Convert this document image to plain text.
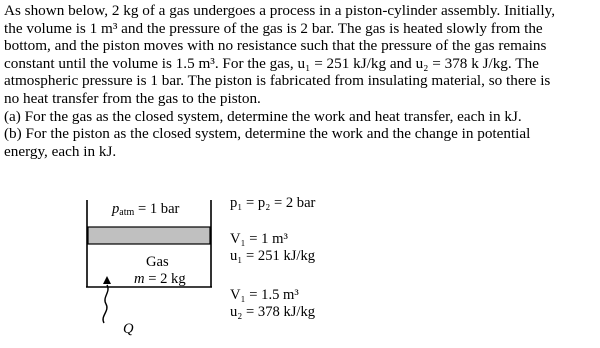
As shown below, 2 kg of a gas undergoes a process in a piston-cylinder assembly. Initially,

the volume is 1 m³ and the pressure of the gas is 2 bar. The gas is heated slowly from the

bottom, and the piston moves with no resistance such that the pressure of the gas remains

constant until the volume is 1.5 m³. For the gas, u₁ = 251 kJ/kg and u₂ = 378 k J/kg. The

atmospheric pressure is 1 bar. The piston is fabricated from insulating material, so there is

no heat transfer from the gas to the piston.

(a) For the gas as the closed system, determine the work and heat transfer, each in kJ.

(b) For the piston as the closed system, determine the work and the change in potential

energy, each in kJ.

$p_{atm} = 1$ bar
Gas
m = 2 kg
Q
p₁ = p₂ = 2 bar
V₁ = 1 m³
u₁ = 251 kJ/kg
V₁ = 1.5 m³
u₂ = 378 kJ/kg
